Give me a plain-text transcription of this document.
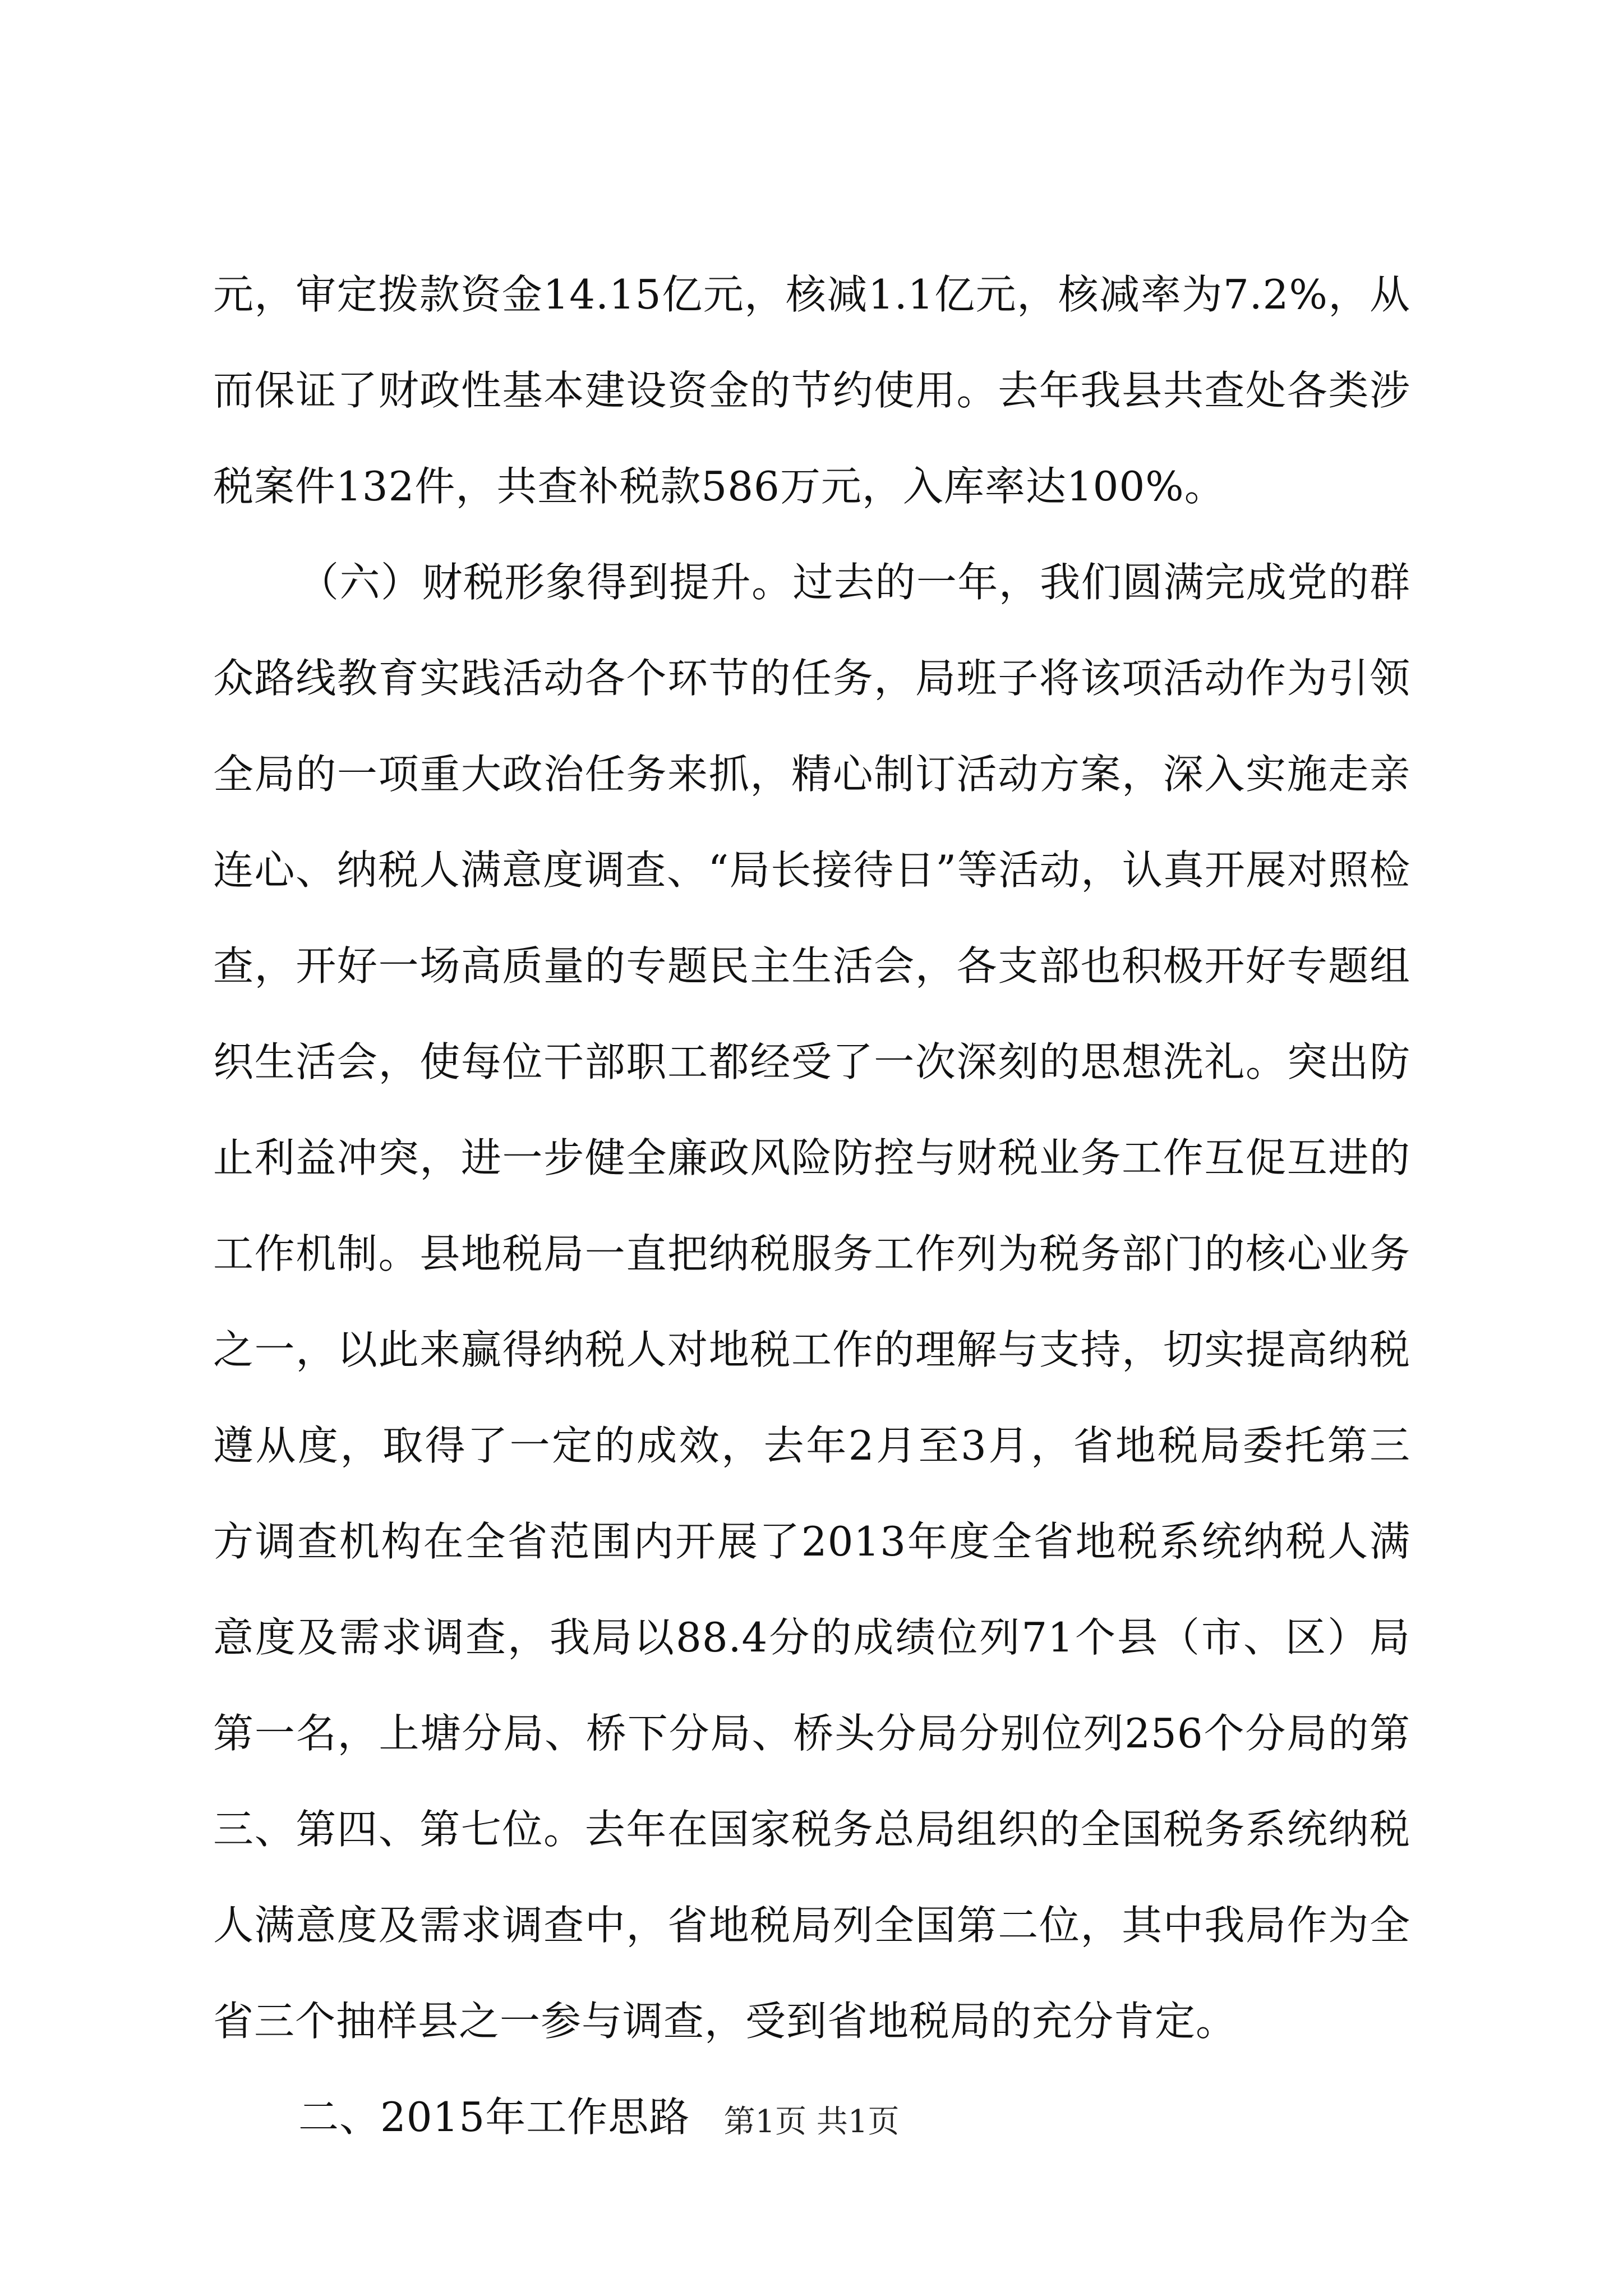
元，审定拨款资金14.15亿元，核减1.1亿元，核减率为7.2%，从而保证了财政性基本建设资金的节约使用。去年我县共查处各类涉税案件132件，共查补税款586万元，入库率达100%。

（六）财税形象得到提升。过去的一年，我们圆满完成党的群众路线教育实践活动各个环节的任务，局班子将该项活动作为引领全局的一项重大政治任务来抓，精心制订活动方案，深入实施走亲连心、纳税人满意度调查、“局长接待日”等活动，认真开展对照检查，开好一场高质量的专题民主生活会，各支部也积极开好专题组织生活会，使每位干部职工都经受了一次深刻的思想洗礼。突出防止利益冲突，进一步健全廉政风险防控与财税业务工作互促互进的工作机制。县地税局一直把纳税服务工作列为税务部门的核心业务之一，以此来赢得纳税人对地税工作的理解与支持，切实提高纳税遵从度，取得了一定的成效，去年2月至3月，省地税局委托第三方调查机构在全省范围内开展了2013年度全省地税系统纳税人满意度及需求调查，我局以88.4分的成绩位列71个县（市、区）局第一名，上塘分局、桥下分局、桥头分局分别位列256个分局的第三、第四、第七位。去年在国家税务总局组织的全国税务系统纳税人满意度及需求调查中，省地税局列全国第二位，其中我局作为全省三个抽样县之一参与调查，受到省地税局的充分肯定。

二、2015年工作思路	第1页 共1页
